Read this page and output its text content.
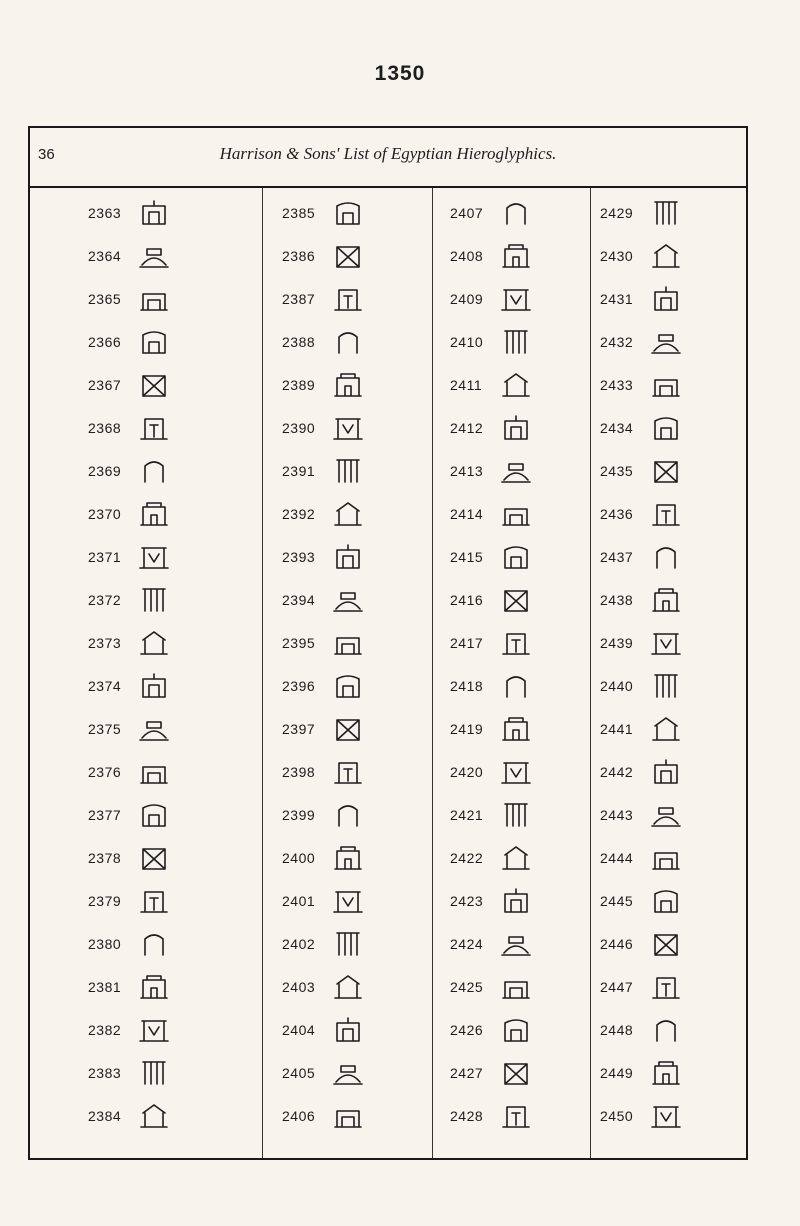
1350
36	Harrison & Sons' List of Egyptian Hieroglyphics.
2363
2364
2365
2366
2367
2368
2369
2370
2371
2372
2373
2374
2375
2376
2377
2378
2379
2380
2381
2382
2383
2384
2385
2386
2387
2388
2389
2390
2391
2392
2393
2394
2395
2396
2397
2398
2399
2400
2401
2402
2403
2404
2405
2406
2407
2408
2409
2410
2411
2412
2413
2414
2415
2416
2417
2418
2419
2420
2421
2422
2423
2424
2425
2426
2427
2428
2429
2430
2431
2432
2433
2434
2435
2436
2437
2438
2439
2440
2441
2442
2443
2444
2445
2446
2447
2448
2449
2450
